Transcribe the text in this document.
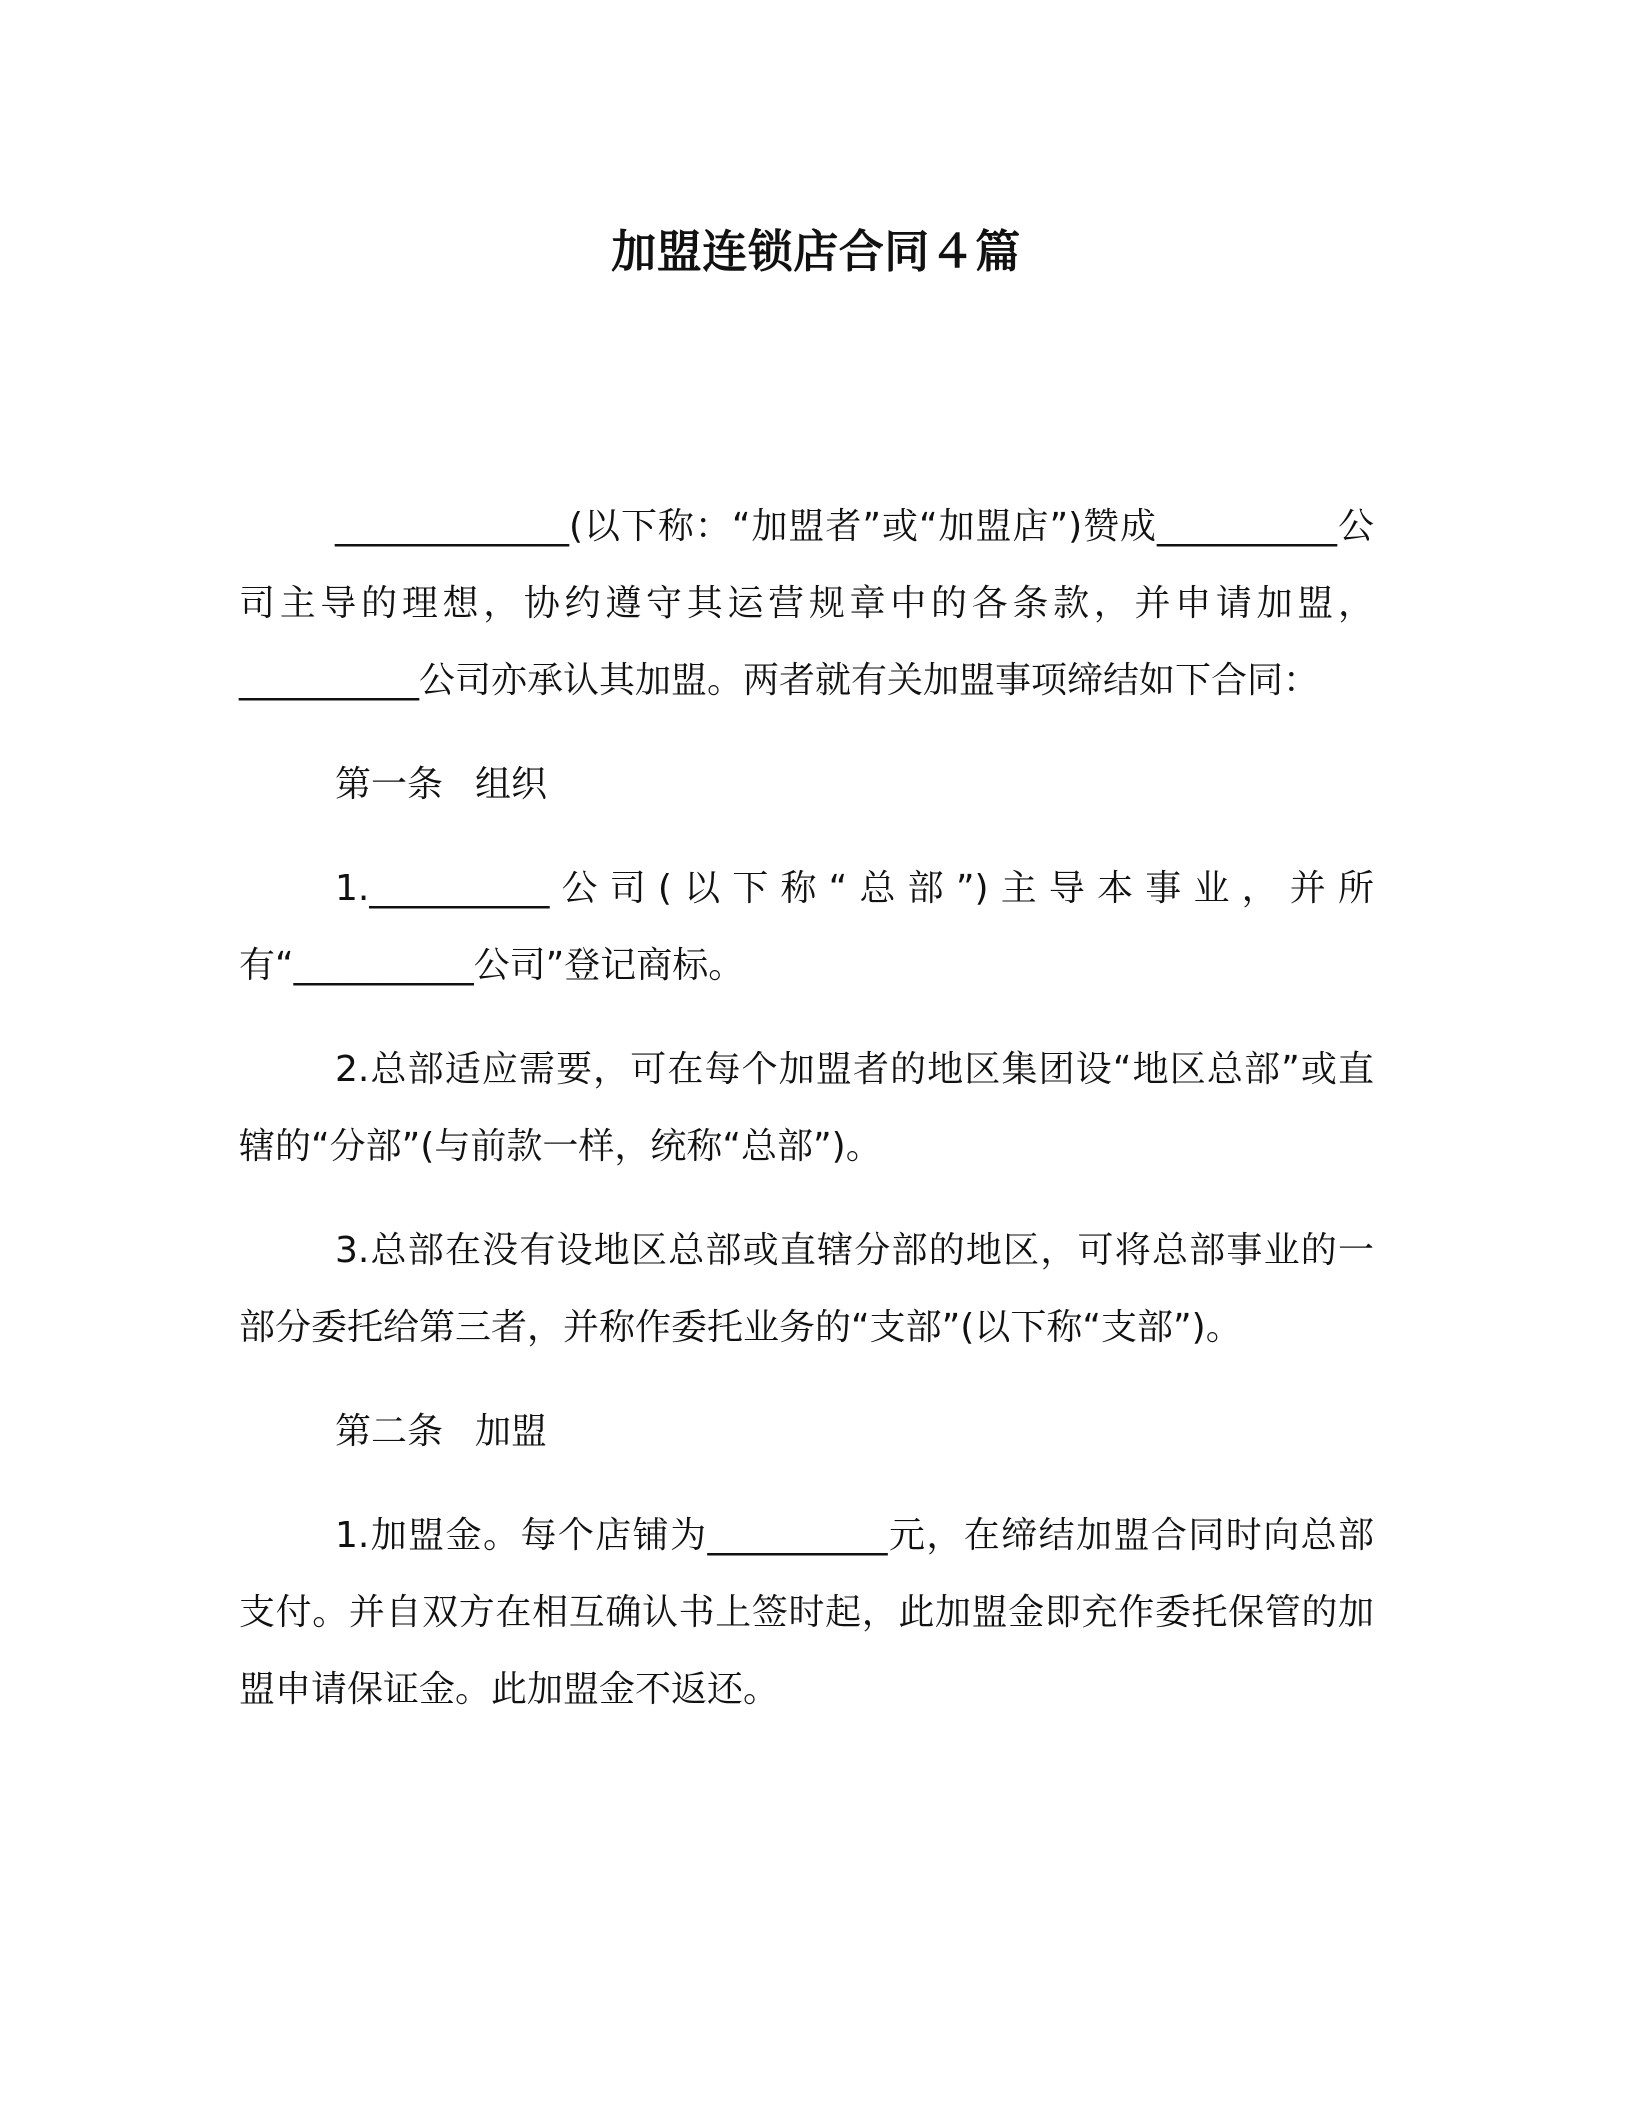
加盟连锁店合同４篇

_____________(以下称：“加盟者”或“加盟店”)赞成__________公司主导的理想，协约遵守其运营规章中的各条款，并申请加盟，__________公司亦承认其加盟。两者就有关加盟事项缔结如下合同：

第一条 组织

1.__________公司(以下称“总部”)主导本事业，并所有“__________公司”登记商标。

2.总部适应需要，可在每个加盟者的地区集团设“地区总部”或直辖的“分部”(与前款一样，统称“总部”)。

3.总部在没有设地区总部或直辖分部的地区，可将总部事业的一部分委托给第三者，并称作委托业务的“支部”(以下称“支部”)。

第二条 加盟

1.加盟金。每个店铺为__________元，在缔结加盟合同时向总部支付。并自双方在相互确认书上签时起，此加盟金即充作委托保管的加盟申请保证金。此加盟金不返还。
